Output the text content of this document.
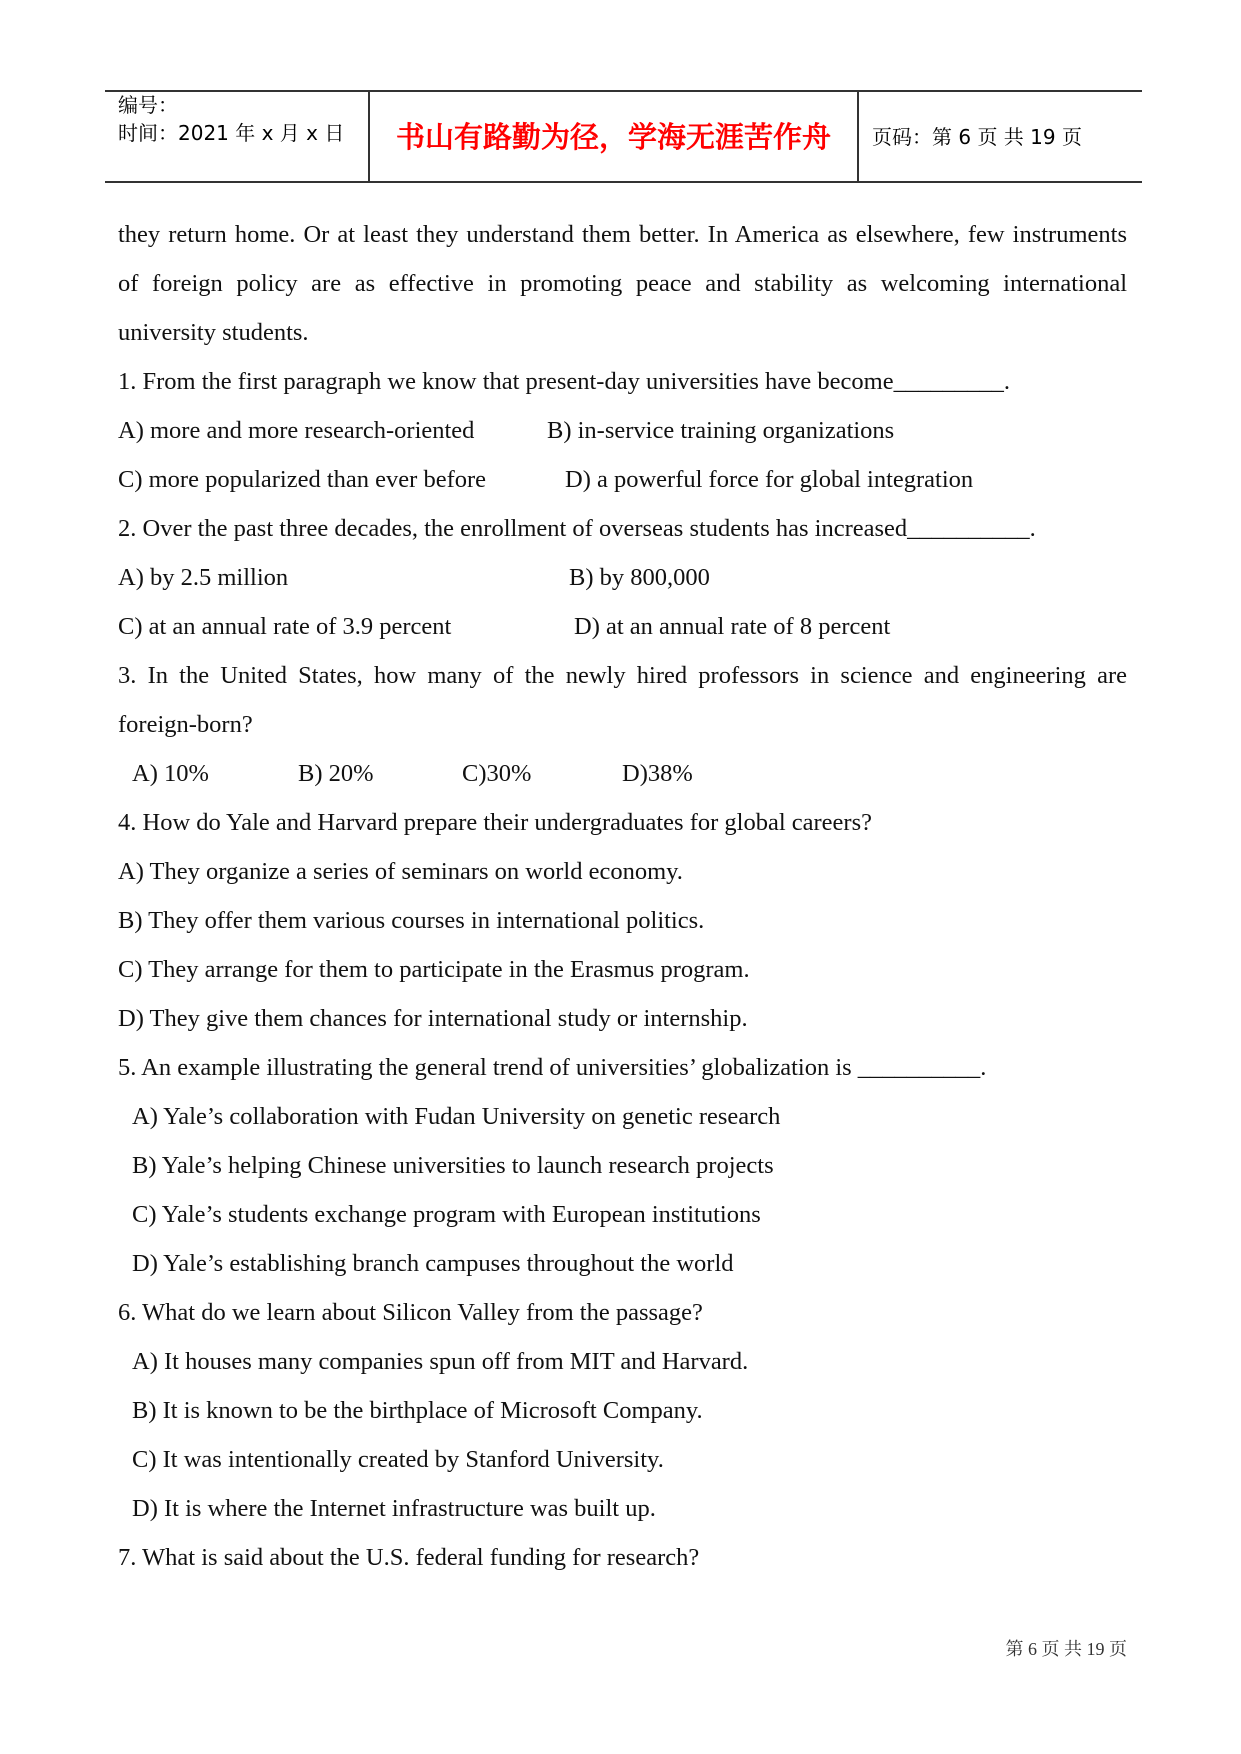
编号：
时间：2021 年 x 月 x 日	书山有路勤为径，学海无涯苦作舟	页码：第 6 页 共 19 页
they return home. Or at least they understand them better. In America as elsewhere, few instruments
of foreign policy are as effective in promoting peace and stability as welcoming international
university students.
1. From the first paragraph we know that present-day universities have become_________.
A) more and more research-oriented	B) in-service training organizations
C) more popularized than ever before	D) a powerful force for global integration
2. Over the past three decades, the enrollment of overseas students has increased__________.
A) by 2.5 million	B) by 800,000
C) at an annual rate of 3.9 percent	D) at an annual rate of 8 percent
3. In the United States, how many of the newly hired professors in science and engineering are
foreign-born?
A) 10%	B) 20%	C)30%	D)38%
4. How do Yale and Harvard prepare their undergraduates for global careers?
A) They organize a series of seminars on world economy.
B) They offer them various courses in international politics.
C) They arrange for them to participate in the Erasmus program.
D) They give them chances for international study or internship.
5. An example illustrating the general trend of universities’ globalization is __________.
A) Yale’s collaboration with Fudan University on genetic research
B) Yale’s helping Chinese universities to launch research projects
C) Yale’s students exchange program with European institutions
D) Yale’s establishing branch campuses throughout the world
6. What do we learn about Silicon Valley from the passage?
A) It houses many companies spun off from MIT and Harvard.
B) It is known to be the birthplace of Microsoft Company.
C) It was intentionally created by Stanford University.
D) It is where the Internet infrastructure was built up.
7. What is said about the U.S. federal funding for research?
第 6 页 共 19 页
